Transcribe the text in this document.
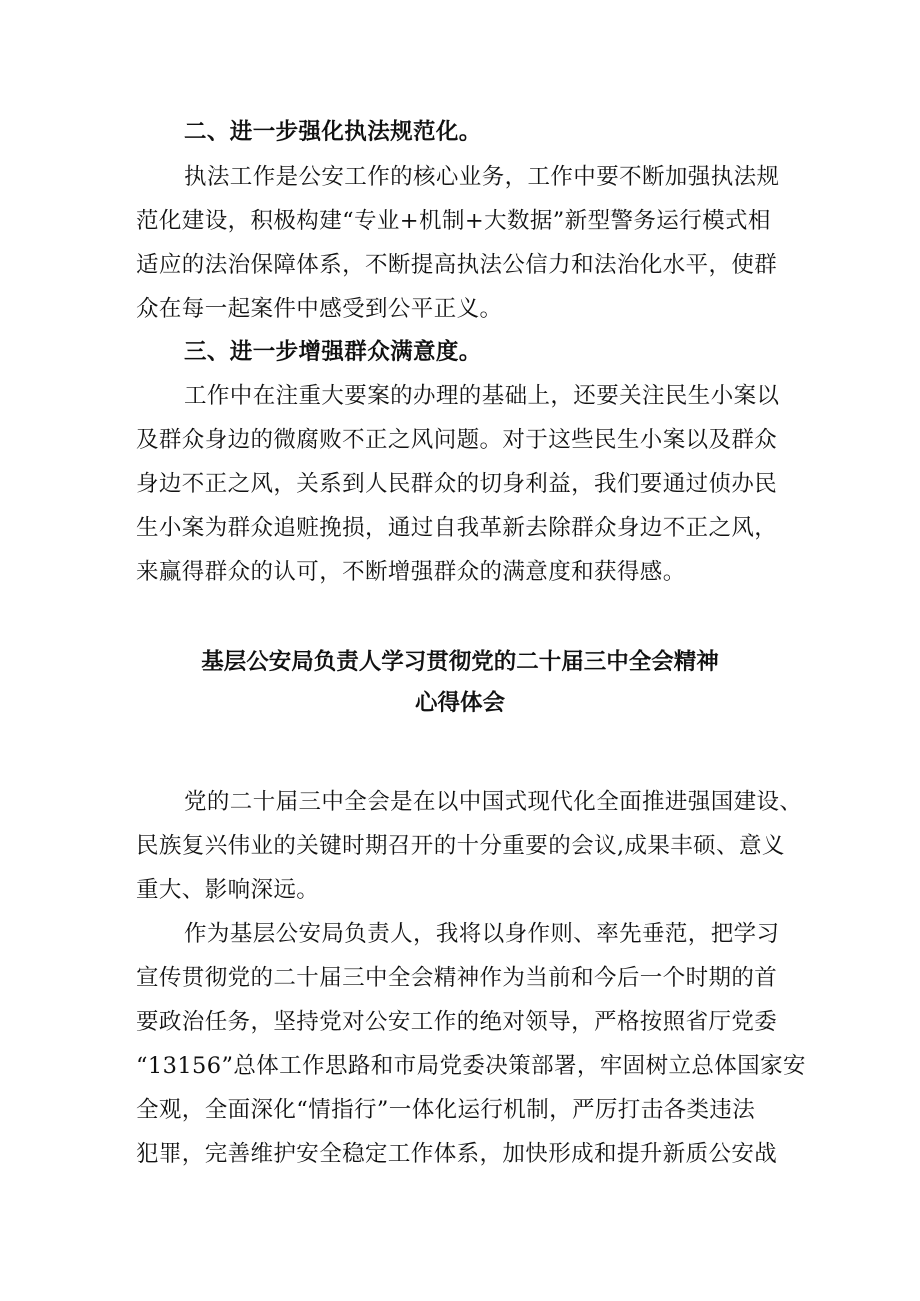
二、进一步强化执法规范化。
执法工作是公安工作的核心业务，工作中要不断加强执法规
范化建设，积极构建“专业+机制+大数据”新型警务运行模式相
适应的法治保障体系，不断提高执法公信力和法治化水平，使群
众在每一起案件中感受到公平正义。
三、进一步增强群众满意度。
工作中在注重大要案的办理的基础上，还要关注民生小案以
及群众身边的微腐败不正之风问题。对于这些民生小案以及群众
身边不正之风，关系到人民群众的切身利益，我们要通过侦办民
生小案为群众追赃挽损，通过自我革新去除群众身边不正之风，
来赢得群众的认可，不断增强群众的满意度和获得感。
基层公安局负责人学习贯彻党的二十届三中全会精神
心得体会
党的二十届三中全会是在以中国式现代化全面推进强国建设、
民族复兴伟业的关键时期召开的十分重要的会议,成果丰硕、意义
重大、影响深远。
作为基层公安局负责人，我将以身作则、率先垂范，把学习
宣传贯彻党的二十届三中全会精神作为当前和今后一个时期的首
要政治任务，坚持党对公安工作的绝对领导，严格按照省厅党委
“13156”总体工作思路和市局党委决策部署，牢固树立总体国家安
全观，全面深化“情指行”一体化运行机制，严厉打击各类违法
犯罪，完善维护安全稳定工作体系，加快形成和提升新质公安战
